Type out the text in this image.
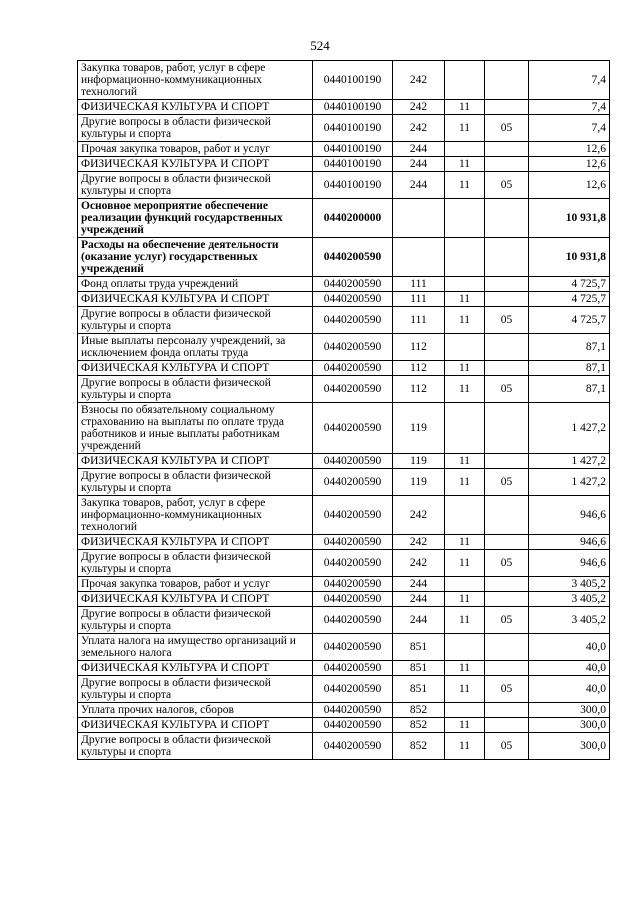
524
Закупка товаров, работ, услуг в сфере информационно-коммуникационных технологий	0440100190	242			7,4
ФИЗИЧЕСКАЯ КУЛЬТУРА И СПОРТ	0440100190	242	11		7,4
Другие вопросы в области физической культуры и спорта	0440100190	242	11	05	7,4
Прочая закупка товаров, работ и услуг	0440100190	244			12,6
ФИЗИЧЕСКАЯ КУЛЬТУРА И СПОРТ	0440100190	244	11		12,6
Другие вопросы в области физической культуры и спорта	0440100190	244	11	05	12,6
Основное мероприятие обеспечение реализации функций государственных учреждений	0440200000				10 931,8
Расходы на обеспечение деятельности (оказание услуг) государственных учреждений	0440200590				10 931,8
Фонд оплаты труда учреждений	0440200590	111			4 725,7
ФИЗИЧЕСКАЯ КУЛЬТУРА И СПОРТ	0440200590	111	11		4 725,7
Другие вопросы в области физической культуры и спорта	0440200590	111	11	05	4 725,7
Иные выплаты персоналу учреждений, за исключением фонда оплаты труда	0440200590	112			87,1
ФИЗИЧЕСКАЯ КУЛЬТУРА И СПОРТ	0440200590	112	11		87,1
Другие вопросы в области физической культуры и спорта	0440200590	112	11	05	87,1
Взносы по обязательному социальному страхованию на выплаты по оплате труда работников и иные выплаты работникам учреждений	0440200590	119			1 427,2
ФИЗИЧЕСКАЯ КУЛЬТУРА И СПОРТ	0440200590	119	11		1 427,2
Другие вопросы в области физической культуры и спорта	0440200590	119	11	05	1 427,2
Закупка товаров, работ, услуг в сфере информационно-коммуникационных технологий	0440200590	242			946,6
ФИЗИЧЕСКАЯ КУЛЬТУРА И СПОРТ	0440200590	242	11		946,6
Другие вопросы в области физической культуры и спорта	0440200590	242	11	05	946,6
Прочая закупка товаров, работ и услуг	0440200590	244			3 405,2
ФИЗИЧЕСКАЯ КУЛЬТУРА И СПОРТ	0440200590	244	11		3 405,2
Другие вопросы в области физической культуры и спорта	0440200590	244	11	05	3 405,2
Уплата налога на имущество организаций и земельного налога	0440200590	851			40,0
ФИЗИЧЕСКАЯ КУЛЬТУРА И СПОРТ	0440200590	851	11		40,0
Другие вопросы в области физической культуры и спорта	0440200590	851	11	05	40,0
Уплата прочих налогов, сборов	0440200590	852			300,0
ФИЗИЧЕСКАЯ КУЛЬТУРА И СПОРТ	0440200590	852	11		300,0
Другие вопросы в области физической культуры и спорта	0440200590	852	11	05	300,0
